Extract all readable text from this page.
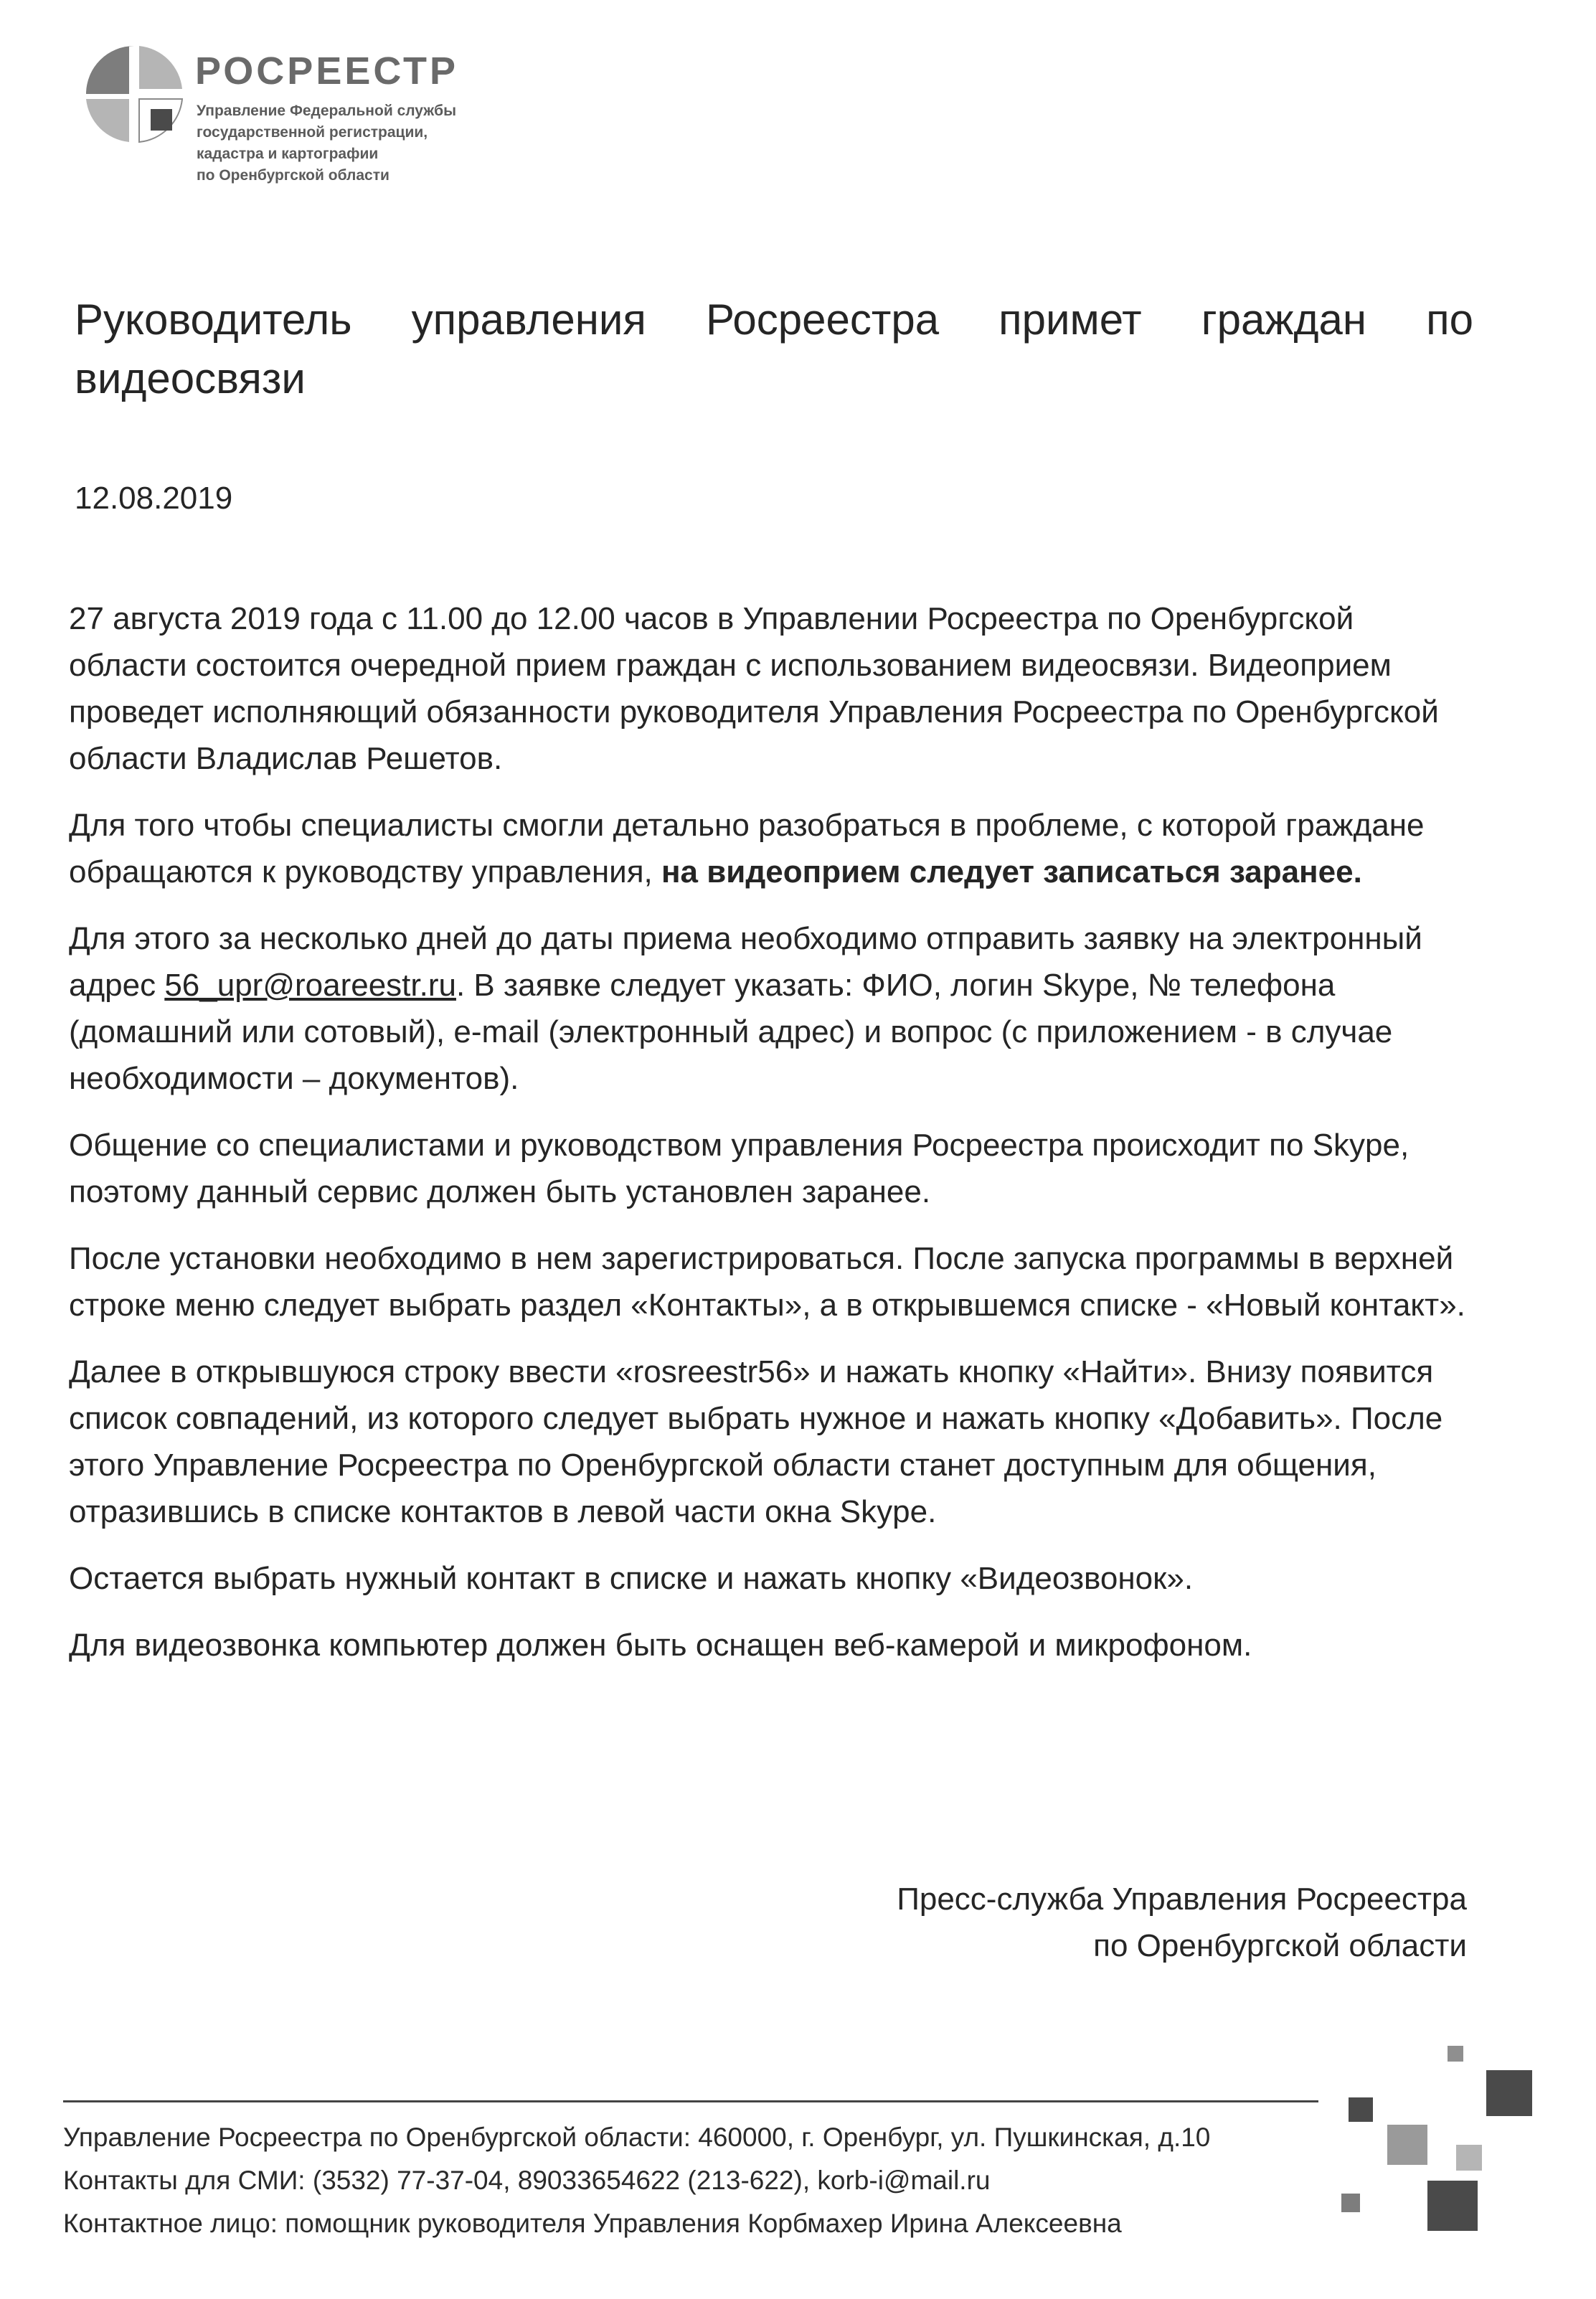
РОСРЕЕСТР
Управление Федеральной службы
государственной регистрации,
кадастра и картографии
по Оренбургской области
Руководитель управления Росреестра примет граждан по видеосвязи
12.08.2019

27 августа 2019 года с 11.00 до 12.00 часов в Управлении Росреестра по Оренбургской области состоится очередной прием граждан с использованием видеосвязи. Видеоприем проведет исполняющий обязанности руководителя Управления Росреестра по Оренбургской области Владислав Решетов.

Для того чтобы специалисты смогли детально разобраться в проблеме, с которой граждане обращаются к руководству управления, на видеоприем следует записаться заранее.

Для этого за несколько дней до даты приема необходимо отправить заявку на электронный адрес 56_upr@roareestr.ru. В заявке следует указать: ФИО, логин Skype, № телефона (домашний или сотовый), e-mail (электронный адрес) и вопрос (с приложением - в случае необходимости – документов).

Общение со специалистами и руководством управления Росреестра происходит по Skype, поэтому данный сервис должен быть установлен заранее.

После установки необходимо в нем зарегистрироваться. После запуска программы в верхней строке меню следует выбрать раздел «Контакты», а в открывшемся списке - «Новый контакт».

Далее в открывшуюся строку ввести «rosreestr56» и нажать кнопку «Найти». Внизу появится список совпадений, из которого следует выбрать нужное и нажать кнопку «Добавить». После этого Управление Росреестра по Оренбургской области станет доступным для общения, отразившись в списке контактов в левой части окна Skype.

Остается выбрать нужный контакт в списке и нажать кнопку «Видеозвонок».

Для видеозвонка компьютер должен быть оснащен веб-камерой и микрофоном.

Пресс-служба Управления Росреестра
по Оренбургской области
Управление Росреестра по Оренбургской области: 460000, г. Оренбург, ул. Пушкинская, д.10
Контакты для СМИ: (3532) 77-37-04, 89033654622 (213-622), korb-i@mail.ru
Контактное лицо: помощник руководителя Управления Корбмахер Ирина Алексеевна
